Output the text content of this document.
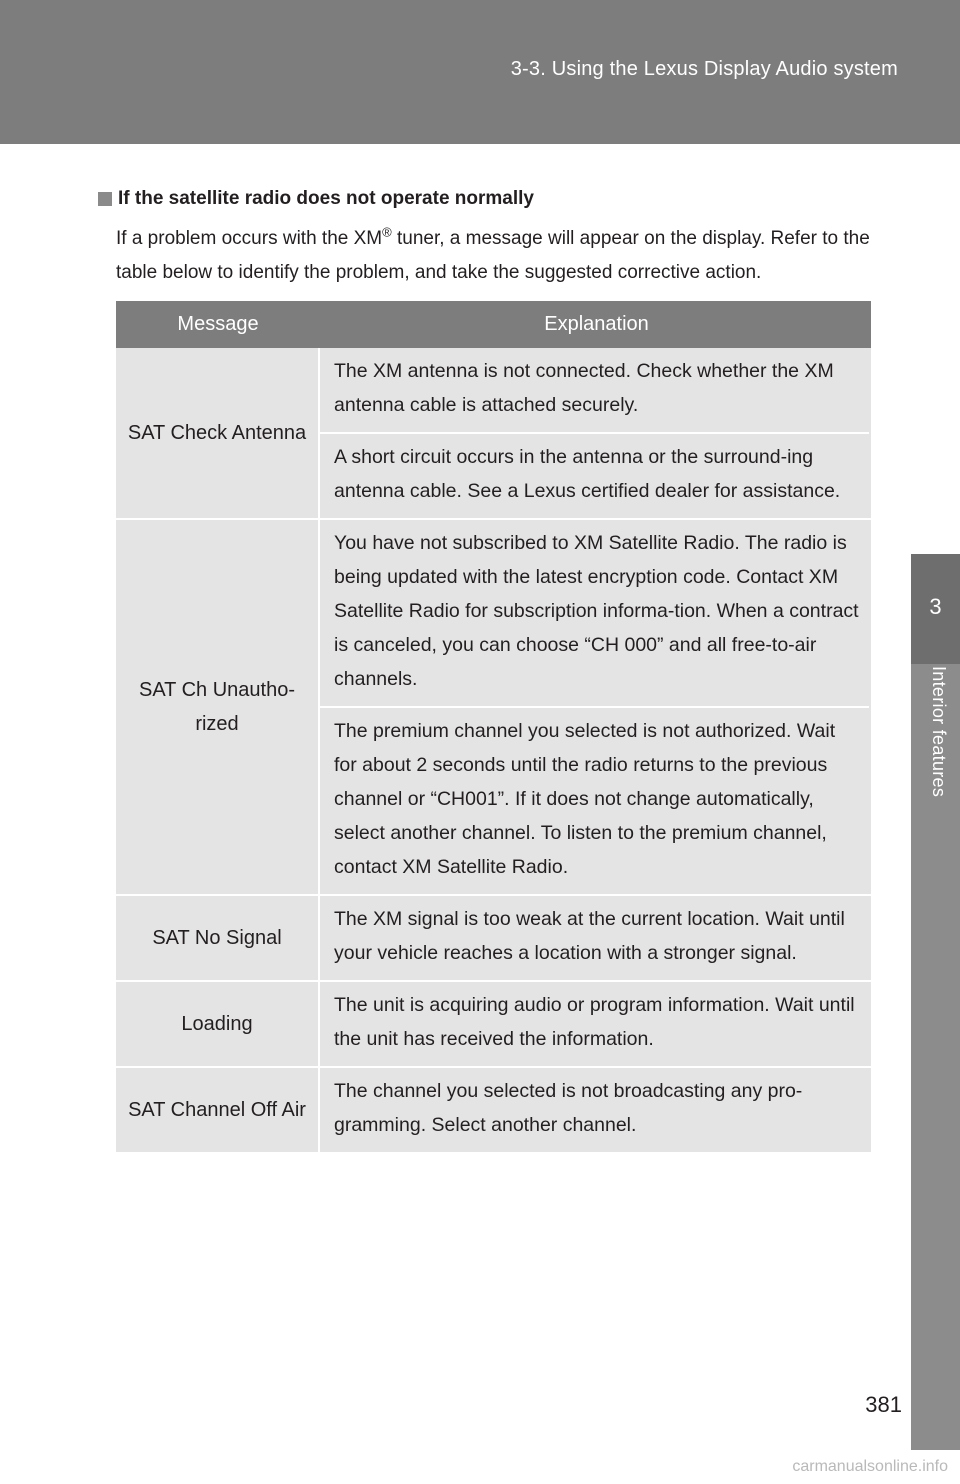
3-3. Using the Lexus Display Audio system
3
Interior features
If the satellite radio does not operate normally
If a problem occurs with the XM® tuner, a message will appear on the display. Refer to the table below to identify the problem, and take the suggested corrective action.
Message	Explanation
SAT Check Antenna
The XM antenna is not connected. Check whether the XM antenna cable is attached securely.
A short circuit occurs in the antenna or the surround-ing antenna cable. See a Lexus certified dealer for assistance.
SAT Ch Unautho-rized
You have not subscribed to XM Satellite Radio. The radio is being updated with the latest encryption code. Contact XM Satellite Radio for subscription informa-tion. When a contract is canceled, you can choose “CH 000” and all free-to-air channels.
The premium channel you selected is not authorized. Wait for about 2 seconds until the radio returns to the previous channel or “CH001”. If it does not change automatically, select another channel. To listen to the premium channel, contact XM Satellite Radio.
SAT No Signal
The XM signal is too weak at the current location. Wait until your vehicle reaches a location with a stronger signal.
Loading
The unit is acquiring audio or program information. Wait until the unit has received the information.
SAT Channel Off Air
The channel you selected is not broadcasting any pro-gramming. Select another channel.
381
carmanualsonline.info
